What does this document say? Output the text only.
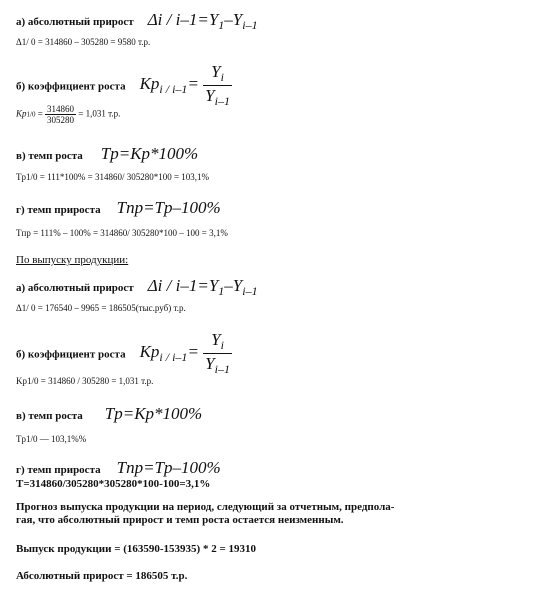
а) абсолютный прирост $\Delta i / i-1=Y_1-Y_{i-1}$
Δ1/ 0 = 314860 – 305280 = 9580 т.р.
б) коэффициент роста $Kp_{i / i-1}= \frac{Y_i}{Y_{i-1}}$
$Kp1/0 = \frac{314860}{305280} = 1,031$ т.р.
в) темп роста Tp=Kp*100%
Tp1/0 = 111*100% = 314860/ 305280*100 = 103,1%
г) темп прироста Tnp=Tp–100%
Tпр = 111% – 100% = 314860/ 305280*100 – 100 = 3,1%
По выпуску продукции:
а) абсолютный прирост $\Delta i / i-1=Y_1-Y_{i-1}$
Δ1/ 0 = 176540 – 9965 = 186505(тыс.руб) т.р.
б) коэффициент роста $Kp_{i / i-1}= \frac{Y_i}{Y_{i-1}}$
Kp1/0 = 314860 / 305280 = 1,031 т.р.
в) темп роста Tp=Kp*100%
Tp1/0 — 103,1%%
г) темп прироста Tnp=Tp–100%
T=314860/305280*305280*100-100=3,1%
Прогноз выпуска продукции на период, следующий за отчетным, предпола-
гая, что абсолютный прирост и темп роста остается неизменным.
Выпуск продукции = (163590-153935) * 2 = 19310
Абсолютный прирост = 186505 т.р.
